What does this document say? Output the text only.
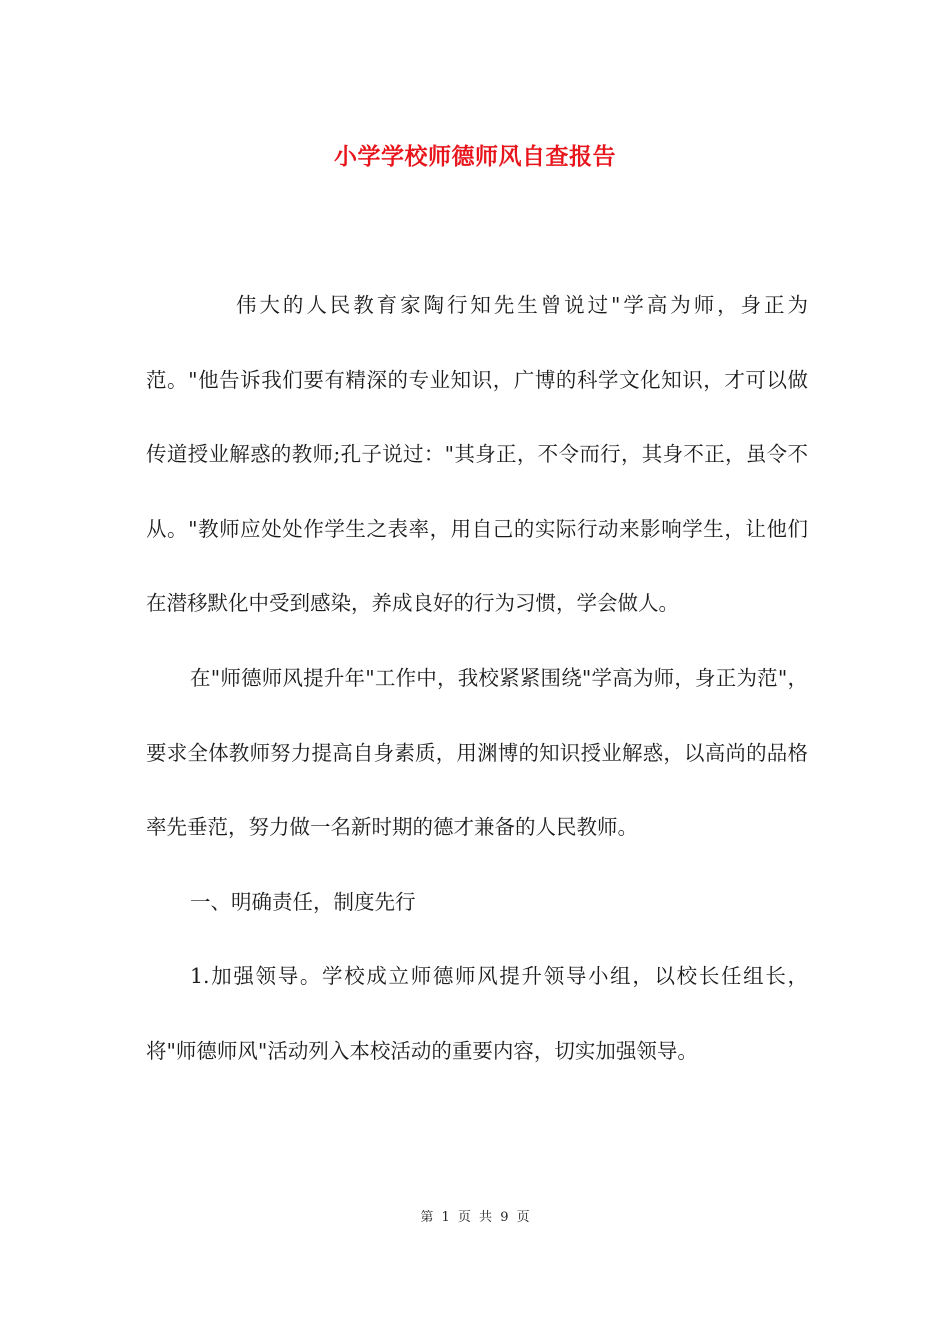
小学学校师德师风自查报告

伟大的人民教育家陶行知先生曾说过"学高为师，身正为范。"他告诉我们要有精深的专业知识，广博的科学文化知识，才可以做传道授业解惑的教师;孔子说过："其身正，不令而行，其身不正，虽令不从。"教师应处处作学生之表率，用自己的实际行动来影响学生，让他们在潜移默化中受到感染，养成良好的行为习惯，学会做人。

在"师德师风提升年"工作中，我校紧紧围绕"学高为师，身正为范"，要求全体教师努力提高自身素质，用渊博的知识授业解惑，以高尚的品格率先垂范，努力做一名新时期的德才兼备的人民教师。

一、明确责任，制度先行

1.加强领导。学校成立师德师风提升领导小组，以校长任组长，将"师德师风"活动列入本校活动的重要内容，切实加强领导。

第 1 页 共 9 页
